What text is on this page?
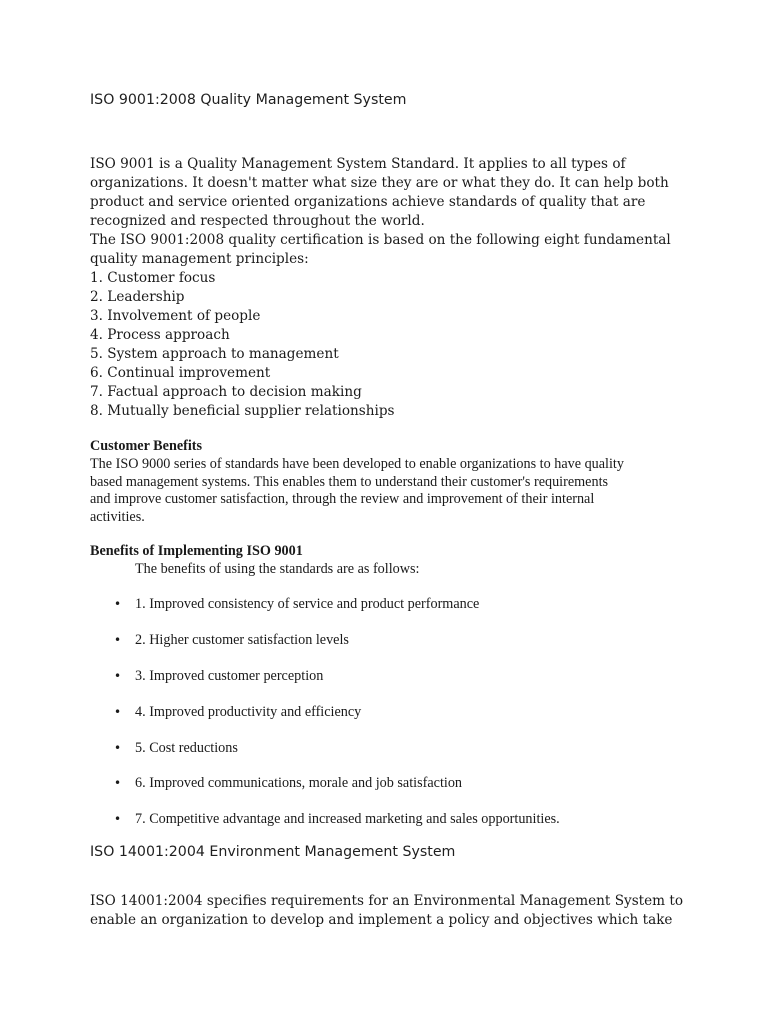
ISO 9001:2008 Quality Management System

ISO 9001 is a Quality Management System Standard. It applies to all types of
organizations. It doesn't matter what size they are or what they do. It can help both
product and service oriented organizations achieve standards of quality that are
recognized and respected throughout the world.
The ISO 9001:2008 quality certification is based on the following eight fundamental
quality management principles:
1. Customer focus
2. Leadership
3. Involvement of people
4. Process approach
5. System approach to management
6. Continual improvement
7. Factual approach to decision making
8. Mutually beneficial supplier relationships

Customer Benefits

The ISO 9000 series of standards have been developed to enable organizations to have quality
based management systems. This enables them to understand their customer's requirements
and improve customer satisfaction, through the review and improvement of their internal
activities.

Benefits of Implementing ISO 9001

The benefits of using the standards are as follows:

• 1. Improved consistency of service and product performance
• 2. Higher customer satisfaction levels
• 3. Improved customer perception
• 4. Improved productivity and efficiency
• 5. Cost reductions
• 6. Improved communications, morale and job satisfaction
• 7. Competitive advantage and increased marketing and sales opportunities.

ISO 14001:2004 Environment Management System

ISO 14001:2004 specifies requirements for an Environmental Management System to
enable an organization to develop and implement a policy and objectives which take
